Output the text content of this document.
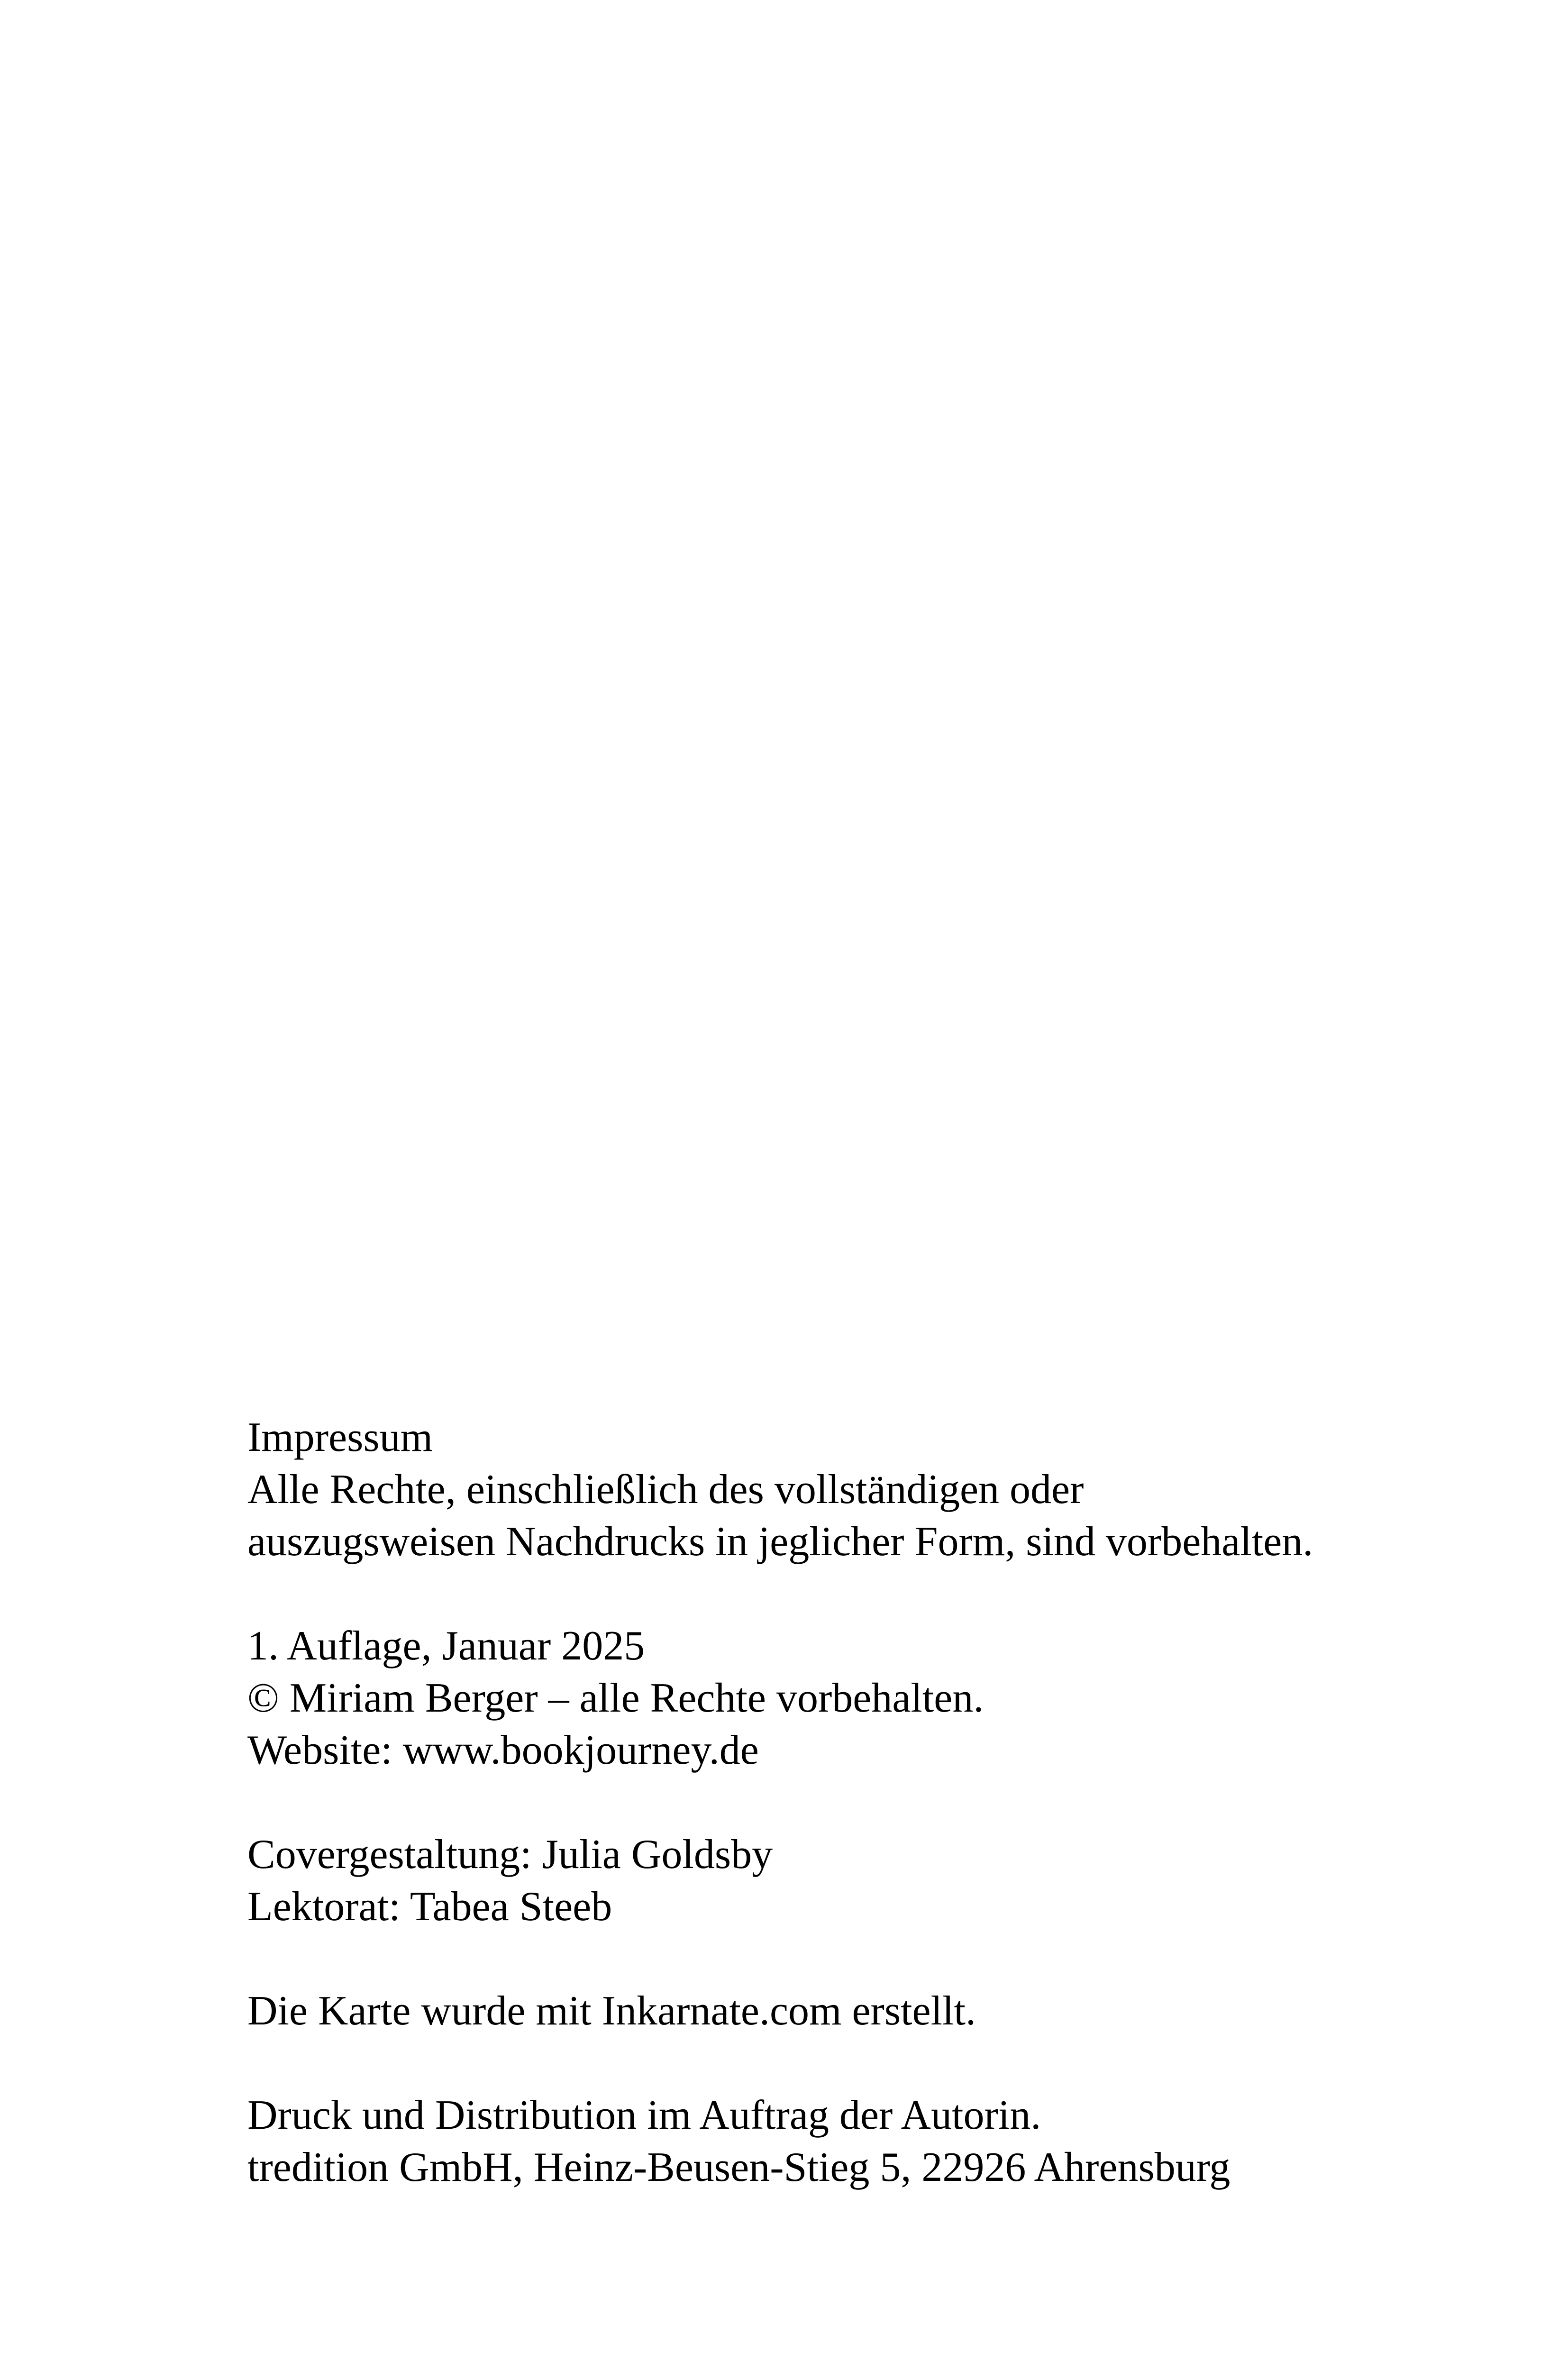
Impressum
Alle Rechte, einschließlich des vollständigen oder
auszugsweisen Nachdrucks in jeglicher Form, sind vorbehalten.
1. Auflage, Januar 2025
© Miriam Berger – alle Rechte vorbehalten.
Website: www.bookjourney.de
Covergestaltung: Julia Goldsby
Lektorat: Tabea Steeb
Die Karte wurde mit Inkarnate.com erstellt.
Druck und Distribution im Auftrag der Autorin.
tredition GmbH, Heinz-Beusen-Stieg 5, 22926 Ahrensburg
